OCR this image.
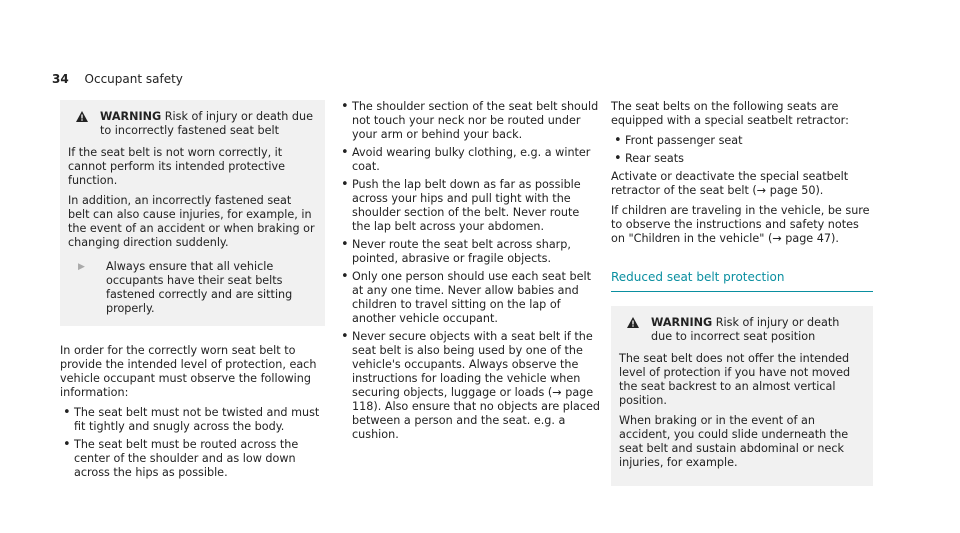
34 Occupant safety
WARNING Risk of injury or death due to incorrectly fastened seat belt

If the seat belt is not worn correctly, it cannot perform its intended protective function.

In addition, an incorrectly fastened seat belt can also cause injuries, for example, in the event of an accident or when braking or changing direction suddenly.

▶	Always ensure that all vehicle occupants have their seat belts fastened correctly and are sitting properly.

In order for the correctly worn seat belt to provide the intended level of protection, each vehicle occupant must observe the following information:

• The seat belt must not be twisted and must fit tightly and snugly across the body.
• The seat belt must be routed across the center of the shoulder and as low down across the hips as possible.
• The shoulder section of the seat belt should not touch your neck nor be routed under your arm or behind your back.
• Avoid wearing bulky clothing, e.g. a winter coat.
• Push the lap belt down as far as possible across your hips and pull tight with the shoulder section of the belt. Never route the lap belt across your abdomen.
• Never route the seat belt across sharp, pointed, abrasive or fragile objects.
• Only one person should use each seat belt at any one time. Never allow babies and children to travel sitting on the lap of another vehicle occupant.
• Never secure objects with a seat belt if the seat belt is also being used by one of the vehicle's occupants. Always observe the instructions for loading the vehicle when securing objects, luggage or loads (→ page 118). Also ensure that no objects are placed between a person and the seat. e.g. a cushion.

The seat belts on the following seats are equipped with a special seatbelt retractor:

• Front passenger seat
• Rear seats

Activate or deactivate the special seatbelt retractor of the seat belt (→ page 50).

If children are traveling in the vehicle, be sure to observe the instructions and safety notes on "Children in the vehicle" (→ page 47).

Reduced seat belt protection
WARNING Risk of injury or death due to incorrect seat position

The seat belt does not offer the intended level of protection if you have not moved the seat backrest to an almost vertical position.

When braking or in the event of an accident, you could slide underneath the seat belt and sustain abdominal or neck injuries, for example.
